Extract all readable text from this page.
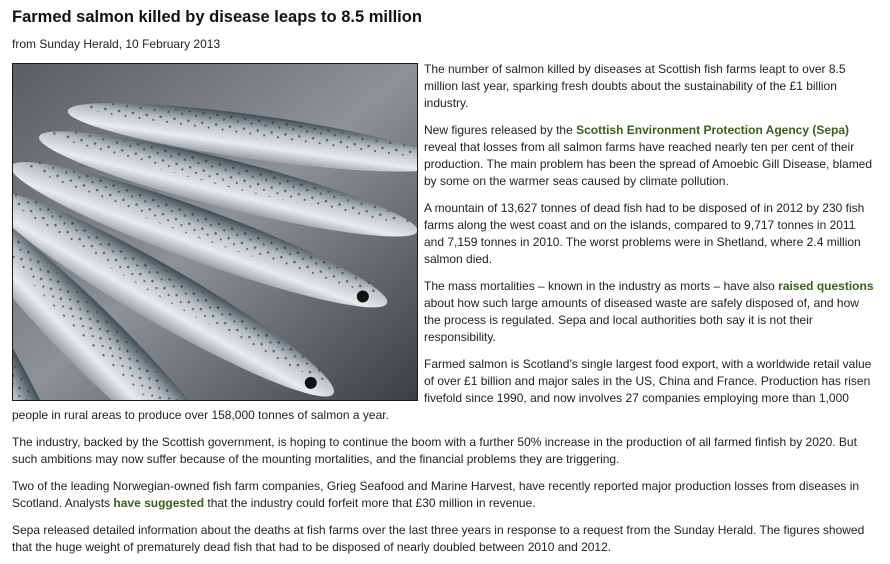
Farmed salmon killed by disease leaps to 8.5 million
from Sunday Herald, 10 February 2013

The number of salmon killed by diseases at Scottish fish farms leapt to over 8.5 million last year, sparking fresh doubts about the sustainability of the £1 billion industry.

New figures released by the Scottish Environment Protection Agency (Sepa) reveal that losses from all salmon farms have reached nearly ten per cent of their production. The main problem has been the spread of Amoebic Gill Disease, blamed by some on the warmer seas caused by climate pollution.

A mountain of 13,627 tonnes of dead fish had to be disposed of in 2012 by 230 fish farms along the west coast and on the islands, compared to 9,717 tonnes in 2011 and 7,159 tonnes in 2010. The worst problems were in Shetland, where 2.4 million salmon died.

The mass mortalities – known in the industry as morts – have also raised questions about how such large amounts of diseased waste are safely disposed of, and how the process is regulated. Sepa and local authorities both say it is not their responsibility.

Farmed salmon is Scotland’s single largest food export, with a worldwide retail value of over £1 billion and major sales in the US, China and France. Production has risen fivefold since 1990, and now involves 27 companies employing more than 1,000 people in rural areas to produce over 158,000 tonnes of salmon a year.

The industry, backed by the Scottish government, is hoping to continue the boom with a further 50% increase in the production of all farmed finfish by 2020. But such ambitions may now suffer because of the mounting mortalities, and the financial problems they are triggering.

Two of the leading Norwegian-owned fish farm companies, Grieg Seafood and Marine Harvest, have recently reported major production losses from diseases in Scotland. Analysts have suggested that the industry could forfeit more that £30 million in revenue.

Sepa released detailed information about the deaths at fish farms over the last three years in response to a request from the Sunday Herald. The figures showed that the huge weight of prematurely dead fish that had to be disposed of nearly doubled between 2010 and 2012.
